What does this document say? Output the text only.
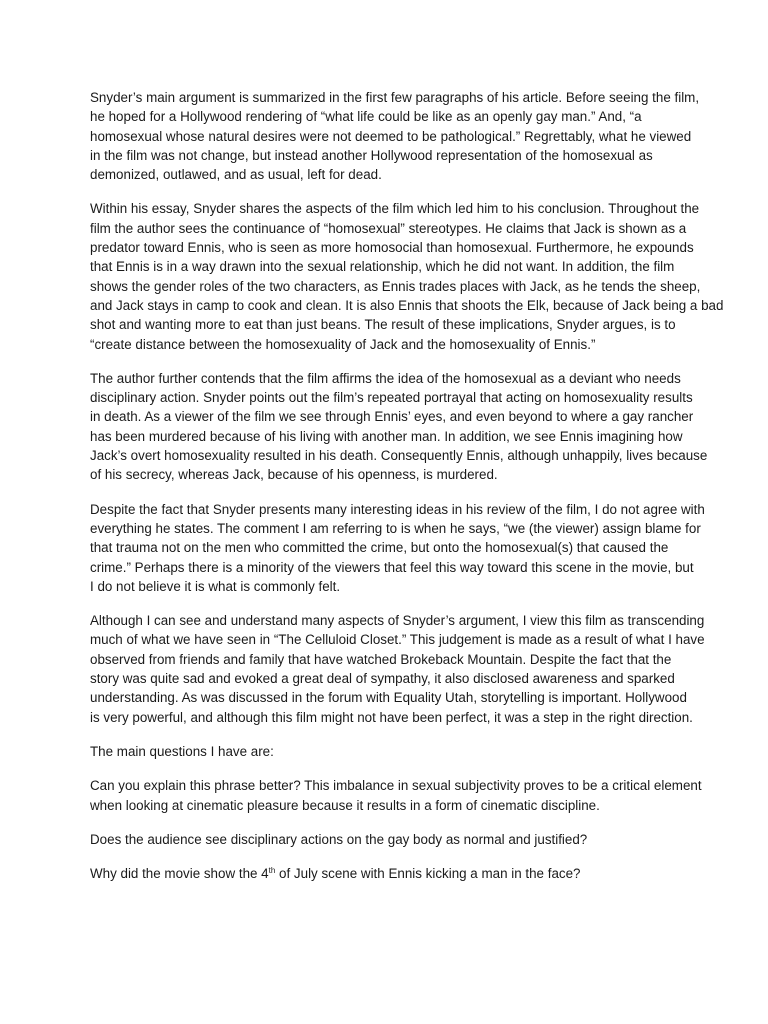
Snyder’s main argument is summarized in the first few paragraphs of his article. Before seeing the film,
he hoped for a Hollywood rendering of “what life could be like as an openly gay man.” And, “a
homosexual whose natural desires were not deemed to be pathological.” Regrettably, what he viewed
in the film was not change, but instead another Hollywood representation of the homosexual as
demonized, outlawed, and as usual, left for dead.
Within his essay, Snyder shares the aspects of the film which led him to his conclusion. Throughout the
film the author sees the continuance of “homosexual” stereotypes. He claims that Jack is shown as a
predator toward Ennis, who is seen as more homosocial than homosexual. Furthermore, he expounds
that Ennis is in a way drawn into the sexual relationship, which he did not want. In addition, the film
shows the gender roles of the two characters, as Ennis trades places with Jack, as he tends the sheep,
and Jack stays in camp to cook and clean. It is also Ennis that shoots the Elk, because of Jack being a bad
shot and wanting more to eat than just beans. The result of these implications, Snyder argues, is to
“create distance between the homosexuality of Jack and the homosexuality of Ennis.”
The author further contends that the film affirms the idea of the homosexual as a deviant who needs
disciplinary action. Snyder points out the film’s repeated portrayal that acting on homosexuality results
in death. As a viewer of the film we see through Ennis’ eyes, and even beyond to where a gay rancher
has been murdered because of his living with another man. In addition, we see Ennis imagining how
Jack’s overt homosexuality resulted in his death. Consequently Ennis, although unhappily, lives because
of his secrecy, whereas Jack, because of his openness, is murdered.
Despite the fact that Snyder presents many interesting ideas in his review of the film, I do not agree with
everything he states. The comment I am referring to is when he says, “we (the viewer) assign blame for
that trauma not on the men who committed the crime, but onto the homosexual(s) that caused the
crime.” Perhaps there is a minority of the viewers that feel this way toward this scene in the movie, but
I do not believe it is what is commonly felt.
Although I can see and understand many aspects of Snyder’s argument, I view this film as transcending
much of what we have seen in “The Celluloid Closet.” This judgement is made as a result of what I have
observed from friends and family that have watched Brokeback Mountain. Despite the fact that the
story was quite sad and evoked a great deal of sympathy, it also disclosed awareness and sparked
understanding. As was discussed in the forum with Equality Utah, storytelling is important. Hollywood
is very powerful, and although this film might not have been perfect, it was a step in the right direction.
The main questions I have are:
Can you explain this phrase better? This imbalance in sexual subjectivity proves to be a critical element
when looking at cinematic pleasure because it results in a form of cinematic discipline.
Does the audience see disciplinary actions on the gay body as normal and justified?
Why did the movie show the 4th of July scene with Ennis kicking a man in the face?
